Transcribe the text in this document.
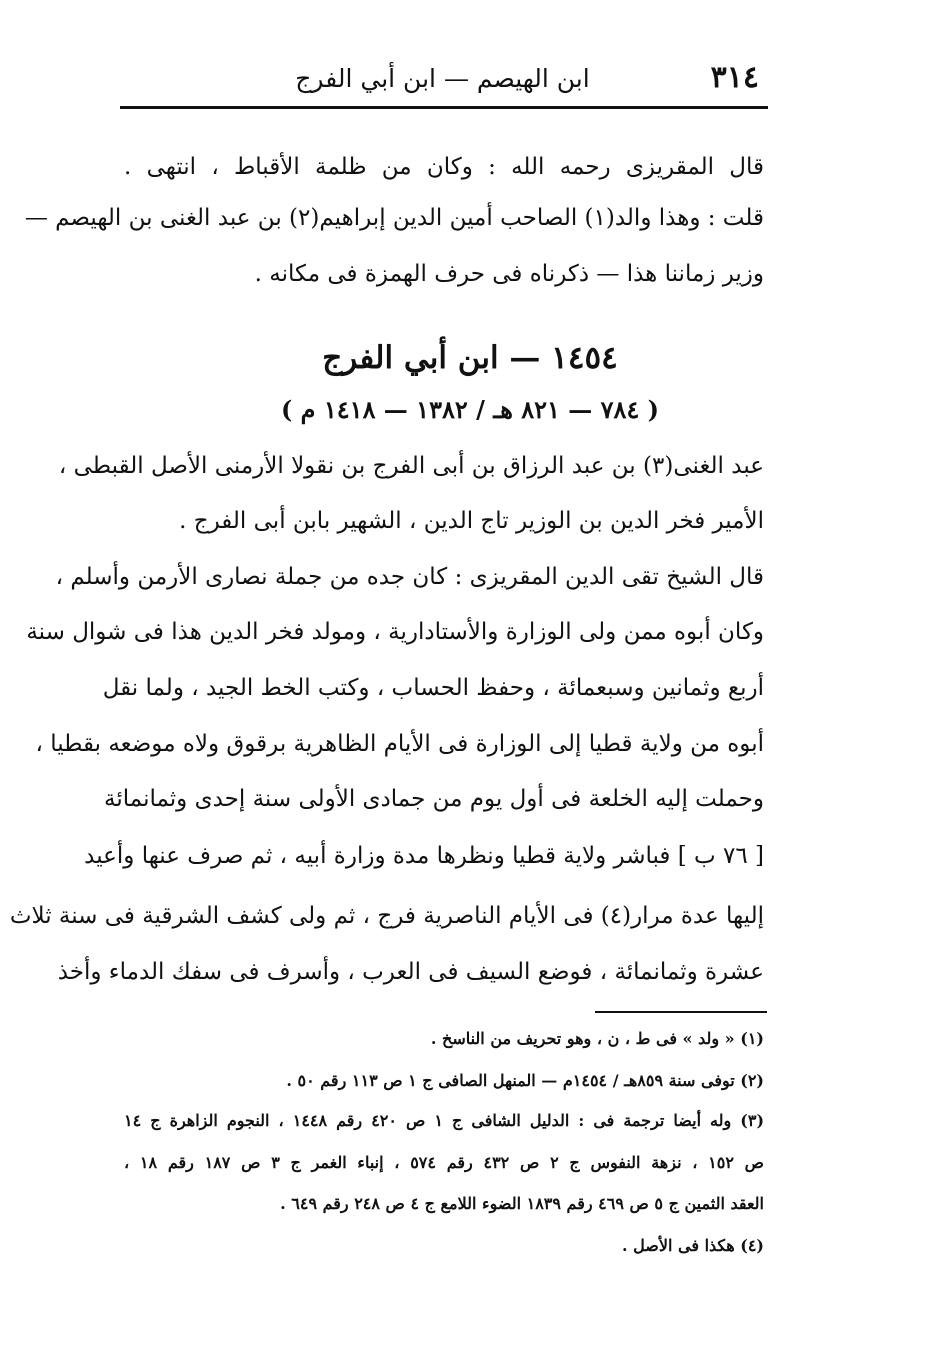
٣١٤
ابن الهيصم — ابن أبي الفرج
قال المقريزى رحمه الله : وكان من ظلمة الأقباط ، انتهى .
قلت : وهذا والد(١) الصاحب أمين الدين إبراهيم(٢) بن عبد الغنى بن الهيصم —
وزير زماننا هذا — ذكرناه فى حرف الهمزة فى مكانه .
١٤٥٤ — ابن أبي الفرج
( ٧٨٤ — ٨٢١ هـ / ١٣٨٢ — ١٤١٨ م )
عبد الغنى(٣) بن عبد الرزاق بن أبى الفرج بن نقولا الأرمنى الأصل القبطى ،
الأمير فخر الدين بن الوزير تاج الدين ، الشهير بابن أبى الفرج .
قال الشيخ تقى الدين المقريزى : كان جده من جملة نصارى الأرمن وأسلم ،
وكان أبوه ممن ولى الوزارة والأستادارية ، ومولد فخر الدين هذا فى شوال سنة
أربع وثمانين وسبعمائة ، وحفظ الحساب ، وكتب الخط الجيد ، ولما نقل
أبوه من ولاية قطيا إلى الوزارة فى الأيام الظاهرية برقوق ولاه موضعه بقطيا ،
وحملت إليه الخلعة فى أول يوم من جمادى الأولى سنة إحدى وثمانمائة
[ ٧٦ ب ] فباشر ولاية قطيا ونظرها مدة وزارة أبيه ، ثم صرف عنها وأعيد
إليها عدة مرار(٤) فى الأيام الناصرية فرج ، ثم ولى كشف الشرقية فى سنة ثلاث
عشرة وثمانمائة ، فوضع السيف فى العرب ، وأسرف فى سفك الدماء وأخذ
(١) « ولد » فى ط ، ن ، وهو تحريف من الناسخ .
(٢) توفى سنة ٨٥٩هـ / ١٤٥٤م — المنهل الصافى ج ١ ص ١١٣ رقم ٥٠ .
(٣) وله أيضا ترجمة فى : الدليل الشافى ج ١ ص ٤٢٠ رقم ١٤٤٨ ، النجوم الزاهرة ج ١٤
ص ١٥٢ ، نزهة النفوس ج ٢ ص ٤٣٢ رقم ٥٧٤ ، إنباء الغمر ج ٣ ص ١٨٧ رقم ١٨ ،
العقد الثمين ج ٥ ص ٤٦٩ رقم ١٨٣٩ الضوء اللامع ج ٤ ص ٢٤٨ رقم ٦٤٩ .
(٤) هكذا فى الأصل .
